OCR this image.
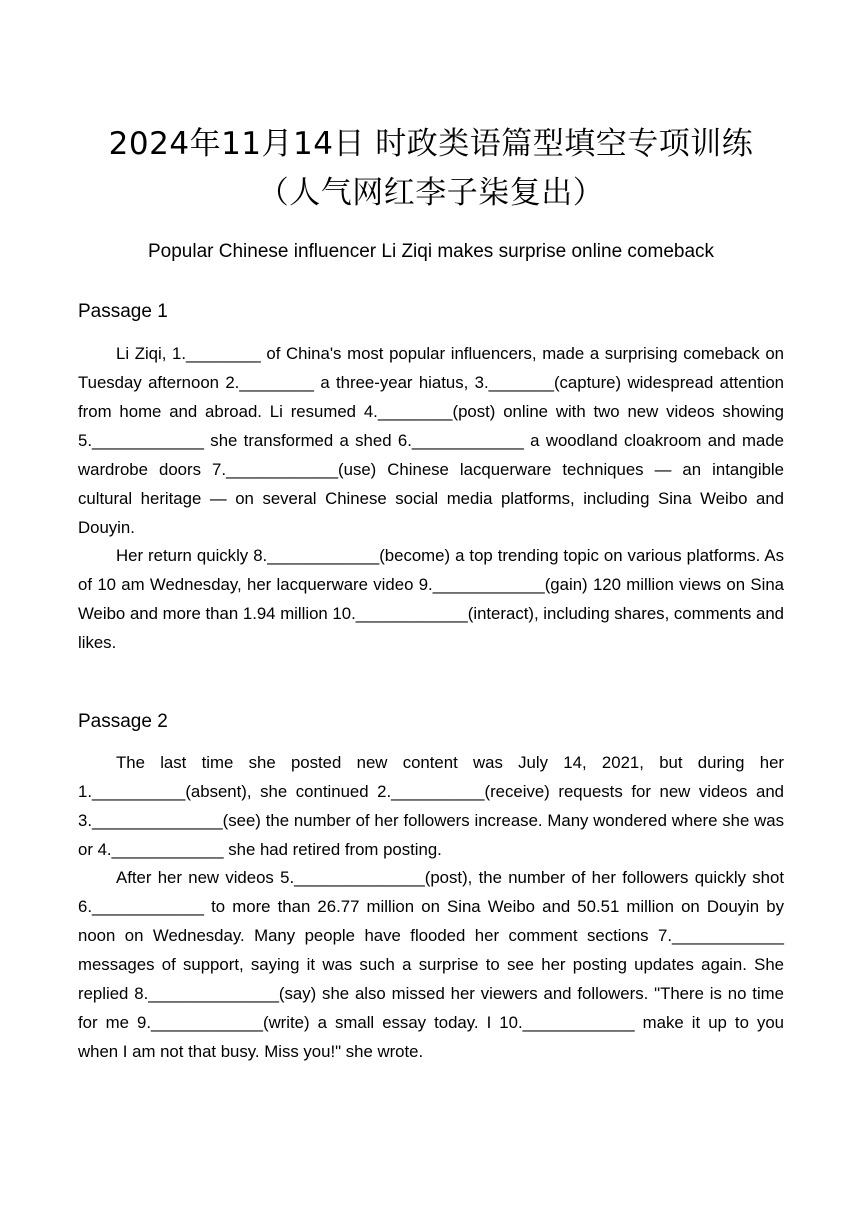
2024年11月14日 时政类语篇型填空专项训练（人气网红李子柒复出）

Popular Chinese influencer Li Ziqi makes surprise online comeback

Passage 1

Li Ziqi, 1.________ of China's most popular influencers, made a surprising comeback on Tuesday afternoon 2.________ a three-year hiatus, 3._______(capture) widespread attention from home and abroad. Li resumed 4.________(post) online with two new videos showing 5.____________ she transformed a shed 6.____________ a woodland cloakroom and made wardrobe doors 7.____________(use) Chinese lacquerware techniques — an intangible cultural heritage — on several Chinese social media platforms, including Sina Weibo and Douyin.

Her return quickly 8.____________(become) a top trending topic on various platforms. As of 10 am Wednesday, her lacquerware video 9.____________(gain) 120 million views on Sina Weibo and more than 1.94 million 10.____________(interact), including shares, comments and likes.

Passage 2

The last time she posted new content was July 14, 2021, but during her 1.__________(absent), she continued 2.__________(receive) requests for new videos and 3.______________(see) the number of her followers increase. Many wondered where she was or 4.____________ she had retired from posting.

After her new videos 5.______________(post), the number of her followers quickly shot 6.____________ to more than 26.77 million on Sina Weibo and 50.51 million on Douyin by noon on Wednesday. Many people have flooded her comment sections 7.____________ messages of support, saying it was such a surprise to see her posting updates again. She replied 8.______________(say) she also missed her viewers and followers. "There is no time for me 9.____________(write) a small essay today. I 10.____________ make it up to you when I am not that busy. Miss you!" she wrote.
